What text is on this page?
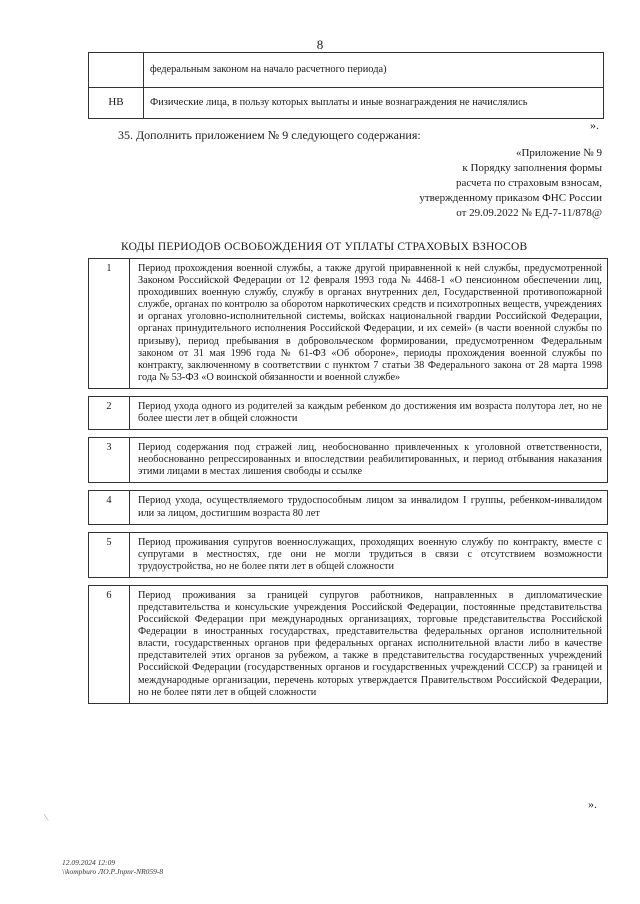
8
	федеральным законом на начало расчетного периода)
НВ	Физические лица, в пользу которых выплаты и иные вознаграждения не начислялись
».
35. Дополнить приложением № 9 следующего содержания:
«Приложение № 9
к Порядку заполнения формы
расчета по страховым взносам,
утвержденному приказом ФНС России
от 29.09.2022 № ЕД-7-11/878@
КОДЫ ПЕРИОДОВ ОСВОБОЖДЕНИЯ ОТ УПЛАТЫ СТРАХОВЫХ ВЗНОСОВ
1	Период прохождения военной службы, а также другой приравненной к ней службы, предусмотренной Законом Российской Федерации от 12 февраля 1993 года № 4468-1 «О пенсионном обеспечении лиц, проходивших военную службу, службу в органах внутренних дел, Государственной противопожарной службе, органах по контролю за оборотом наркотических средств и психотропных веществ, учреждениях и органах уголовно-исполнительной системы, войсках национальной гвардии Российской Федерации, органах принудительного исполнения Российской Федерации, и их семей» (в части военной службы по призыву), период пребывания в добровольческом формировании, предусмотренном Федеральным законом от 31 мая 1996 года № 61-ФЗ «Об обороне», периоды прохождения военной службы по контракту, заключенному в соответствии с пунктом 7 статьи 38 Федерального закона от 28 марта 1998 года № 53-ФЗ «О воинской обязанности и военной службе»

2	Период ухода одного из родителей за каждым ребенком до достижения им возраста полутора лет, но не более шести лет в общей сложности

3	Период содержания под стражей лиц, необоснованно привлеченных к уголовной ответственности, необоснованно репрессированных и впоследствии реабилитированных, и период отбывания наказания этими лицами в местах лишения свободы и ссылке

4	Период ухода, осуществляемого трудоспособным лицом за инвалидом I группы, ребенком-инвалидом или за лицом, достигшим возраста 80 лет

5	Период проживания супругов военнослужащих, проходящих военную службу по контракту, вместе с супругами в местностях, где они не могли трудиться в связи с отсутствием возможности трудоустройства, но не более пяти лет в общей сложности

6	Период проживания за границей супругов работников, направленных в дипломатические представительства и консульские учреждения Российской Федерации, постоянные представительства Российской Федерации при международных организациях, торговые представительства Российской Федерации в иностранных государствах, представительства федеральных органов исполнительной власти, государственных органов при федеральных органах исполнительной власти либо в качестве представителей этих органов за рубежом, а также в представительства государственных учреждений Российской Федерации (государственных органов и государственных учреждений СССР) за границей и международные организации, перечень которых утверждается Правительством Российской Федерации, но не более пяти лет в общей сложности
».
⁄
12.09.2024 12:09
\\kompburo ЛО.Р.Jnpnr-NR059-8
